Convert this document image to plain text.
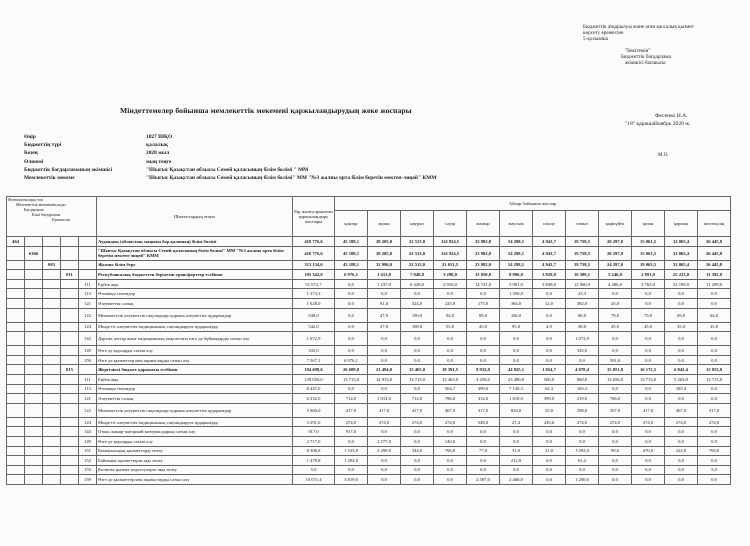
Бюджеттік атқарылуы және оған кассалық қызмет
көрсету ережесіне
5-қосымша
"Бекітемін"
Бюджеттік бағдарлама
әкімшісі басшысы
Фесенко Н.А.
"18" қарашаНоябрь 2020 ж.
Міндеттемелер бойынша мемлекеттік мекемені қаржыландырудың жеке жоспары
М.О.
Өңір	1827 ШҚО
Бюджеттің түрі	қалалық
Кезең	2020 жыл
Өлшемі	мың теңге
Бюджеттік бағдарламаның әкімшісі	"Шығыс Қазақстан облысы Семей қаласының білім бөлімі " ММ
Мемлекеттік мекеме	"Шығыс Қазақстан облысы Семей қаласының білім бөлімі" ММ "№3 жалпы орта білім беретін мектеп-лицей" КММ
Функционалдық топ
Мемлекеттік мекеменің коды
Бағдарлама
Кіші бағдарлама
Ерекшелік					Шығыстардың атауы	Бір жылға арналған қаржыландыру жоспары	Айлар бойынша жоспар											
							қаңтар	ақпан	наурыз	сәуір	мамыр	маусым	шілде	тамыз	қыркүйек	қазан	қараша	желтоқсан
464					Аудандық (облыстық маңызы бар қаланың) білім бөлімі	410 776,6	45 188,1	28 205,0	22 513,0	114 924,5	23 982,0	54 298,1	4 943,7	19 758,5	20 297,0	15 063,5	32 065,4	26 445,8
	6366				"Шығыс Қазақстан облысы Семей қаласының білім бөлімі" ММ "№3 жалпы орта білім беретін мектеп-лицей" КММ	410 776,6	45 188,1	28 205,0	22 513,0	114 924,5	23 982,0	54 298,1	4 943,7	19 758,5	20 297,0	15 063,5	32 065,4	26 445,8
		003			Жалпы білім беру	313 134,6	45 188,1	32 996,0	22 513,0	21 651,5	23 982,0	54 298,1	4 943,7	19 758,5	24 297,0	19 063,5	32 065,4	26 445,8
			011		Республикалық бюджеттен берілетін трансферттер есебінен	105 342,0	6 976,1	1 412,0	7 048,0	3 298,0	15 050,0	8 896,0	3 829,0	16 588,1	5 246,0	2 891,0	25 223,0	11 392,8
				111	Еңбек ақы	51 672,7	0,0	1 237,0	6 426,0	2 916,0	14 741,0	5 901,0	3 849,0	12 960,9	4 486,0	2 763,0	23 199,0	11 299,8
				113	Өтемақы төлемдер	1 373,3	0,0	0,0	0,0	0,0	0,0	1 350,0	0,0	23,3	0,0	0,0	0,0	0,0
				121	Әлеуметтік салық	1 628,0	0,0	81,0	324,0	225,0	175,0	384,0	12,0	382,0	45,0	0,0	0,0	0,0
				122	Мемлекеттік әлеуметтік сақтандыру қорына әлеуметтік аударымдар	949,0	0,0	47,0	190,0	94,0	89,0	166,0	6,0	68,0	79,0	79,0	69,0	64,0
				124	Міндетті әлеуметтік медициналық сақтандыруға аударымдар	542,0	0,0	27,0	108,0	55,0	45,0	95,0	4,0	38,0	45,0	45,0	35,0	35,0
				142	Дәрілік заттар және медициналық мақсаттағы өзге де бұйымдарды сатып алу	1 072,9	0,0	0,0	0,0	0,0	0,0	0,0	0,0	1 072,9	0,0	0,0	0,0	0,0
				149	Өзге де қорларды сатып алу	335,0	0,0	0,0	0,0	0,0	0,0	0,0	0,0	335,0	0,0	0,0	0,0	0,0
				159	Өзге де қызметтер мен жұмыстарды сатып алу	7 567,1	6 976,1	0,0	0,0	0,0	0,0	0,0	0,0	0,0	591,0	0,0	0,0	0,0
			015		Жергілікті бюджет қаражаты есебінен	194 698,6	26 688,0	21 494,0	15 465,0	18 391,5	8 932,0	44 925,1	1 054,7	4 078,4	15 051,0	16 172,5	6 842,4	15 053,0
				111	Еңбек ақы	139 056,0	13 713,0	14 913,0	13 713,0	15 463,0	4 259,0	23 480,0	500,0	868,0	13 656,0	13 713,0	5 263,0	13 713,0
				113	Өтемақы төлемдер	8 447,0	0,0	0,0	0,0	504,7	399,0	7 130,3	62,3	165,3	0,0	0,0	185,4	0,0
				121	Әлеуметтік салық	6 232,0	714,0	1 014,0	714,0	786,0	314,0	1 818,0	399,0	219,0	706,0	0,0	0,0	0,0
				122	Мемлекеттік әлеуметтік сақтандыру қорына әлеуметтік аударымдар	5 060,0	417,0	417,0	417,0	467,0	317,0	834,0	35,0	298,0	357,0	417,0	367,0	317,0
				124	Міндетті әлеуметтік медициналық сақтандыруға аударымдар	3 291,0	274,0	274,0	274,0	274,0	548,0	27,4	249,6	274,0	274,0	274,0	274,0	274,0
				144	Отын, жанар-жағармай материалдарын сатып алу	917,0	917,0	0,0	0,0	0,0	0,0	0,0	0,0	0,0	0,0	0,0	0,0	0,0
				149	Өзге де қорларды сатып алу	2 717,0	0,0	2 577,0	0,0	140,0	0,0	0,0	0,0	0,0	0,0	0,0	0,0	0,0
				151	Коммуналдық қызметтерді төлеу	8 306,8	1 523,8	2 299,0	344,0	706,8	77,0	31,0	21,0	1 092,0	99,0	470,0	222,0	769,0
				152	Байланыс қызметтерін ақы төлеу	1 478,8	1 204,8	0,0	0,0	0,0	0,0	212,8	0,0	61,2	0,0	0,0	0,0	0,0
				153	Көліктік қызмет көрсетулерге ақы төлеу	5,0	0,0	0,0	0,0	0,0	0,0	0,0	0,0	0,0	0,0	0,0	0,0	5,0
				159	Өзге де қызметтер мен жұмыстарды сатып алу	10 071,4	3 819,0	0,0	0,0	0,0	2 587,0	2 468,0	0,0	1 200,0	0,0	0,0	0,0	0,0
